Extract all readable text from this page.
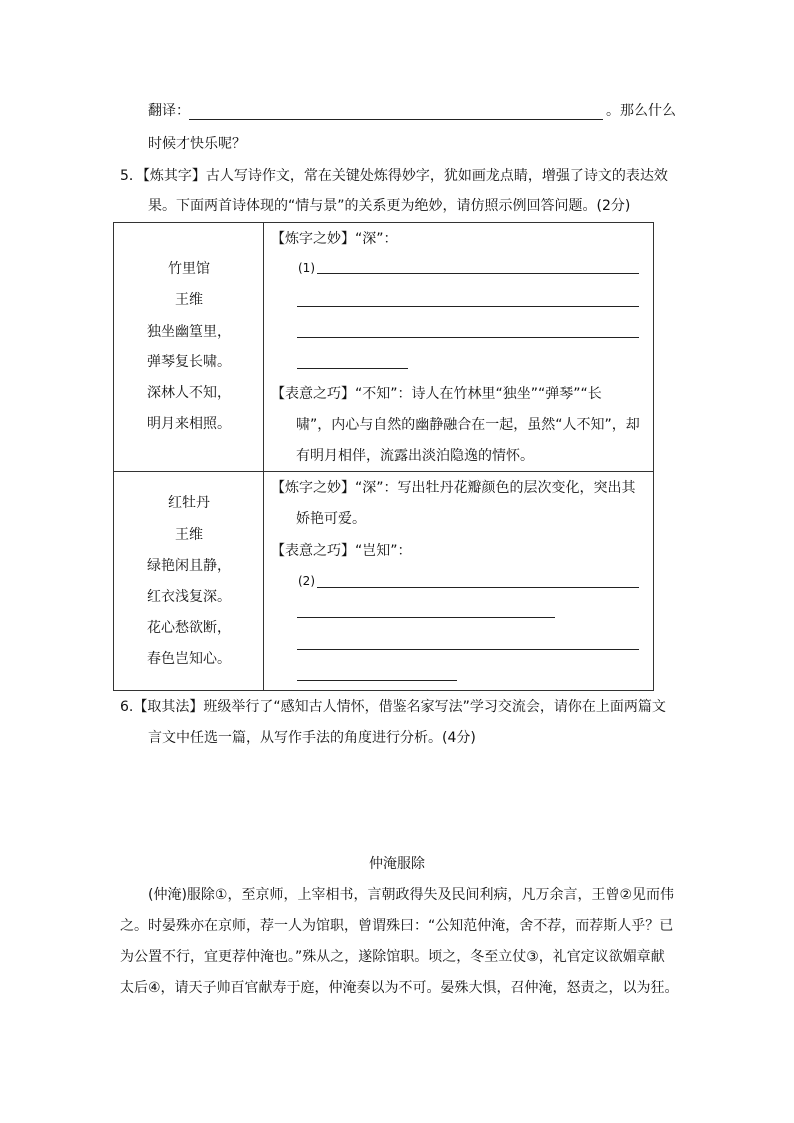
翻译：	。那么什么
时候才快乐呢？
5．【炼其字】古人写诗作文，常在关键处炼得妙字，犹如画龙点睛，增强了诗文的表达效
果。下面两首诗体现的“情与景”的关系更为绝妙，请仿照示例回答问题。(2分)
竹里馆
王维
独坐幽篁里，
弹琴复长啸。
深林人不知，
明月来相照。
【炼字之妙】“深”：
(1)
【表意之巧】“不知”：诗人在竹林里“独坐”“弹琴”“长
啸”，内心与自然的幽静融合在一起，虽然“人不知”，却
有明月相伴，流露出淡泊隐逸的情怀。
红牡丹
王维
绿艳闲且静，
红衣浅复深。
花心愁欲断，
春色岂知心。
【炼字之妙】“深”：写出牡丹花瓣颜色的层次变化，突出其
娇艳可爱。
【表意之巧】“岂知”：
(2)
6.【取其法】班级举行了“感知古人情怀，借鉴名家写法”学习交流会，请你在上面两篇文
言文中任选一篇，从写作手法的角度进行分析。(4分)
仲淹服除
(仲淹)服除①，至京师，上宰相书，言朝政得失及民间利病，凡万余言，王曾②见而伟
之。时晏殊亦在京师，荐一人为馆职，曾谓殊曰：“公知范仲淹，舍不荐，而荐斯人乎？已
为公置不行，宜更荐仲淹也。”殊从之，遂除馆职。顷之，冬至立仗③，礼官定议欲媚章献
太后④，请天子帅百官献寿于庭，仲淹奏以为不可。晏殊大惧，召仲淹，怒责之，以为狂。
